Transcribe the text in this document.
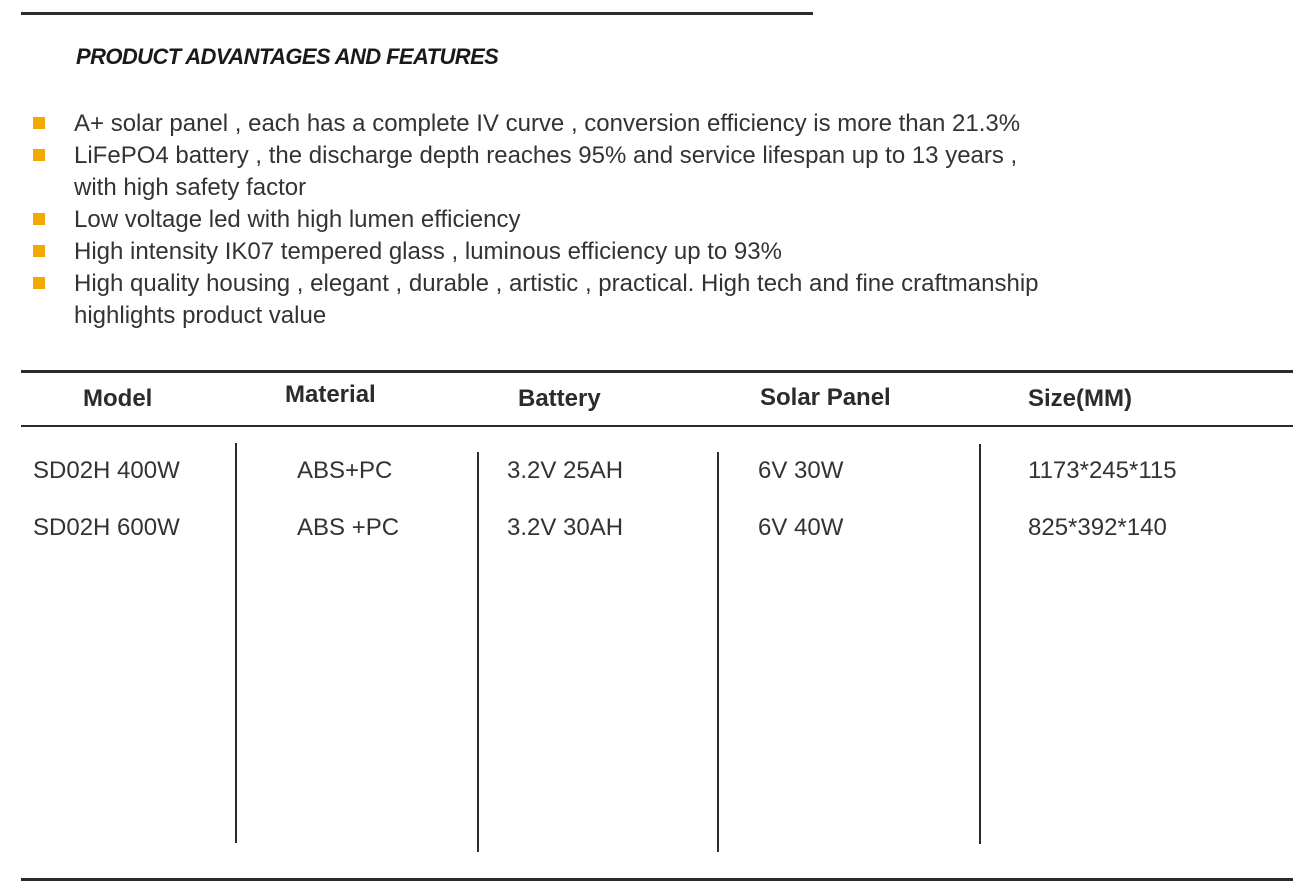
PRODUCT ADVANTAGES AND FEATURES
A+ solar panel , each has a complete IV curve , conversion efficiency is more than 21.3%
LiFePO4 battery , the discharge depth reaches 95% and service lifespan up to 13 years ,
with high safety factor
Low voltage led with high lumen efficiency
High intensity IK07 tempered glass , luminous efficiency up to 93%
High quality housing , elegant , durable , artistic , practical. High tech and fine craftmanship
highlights product value
Model	Material	Battery	Solar Panel	Size(MM)
SD02H 400W	ABS+PC	3.2V 25AH	6V 30W	1173*245*115
SD02H 600W	ABS +PC	3.2V 30AH	6V 40W	825*392*140
